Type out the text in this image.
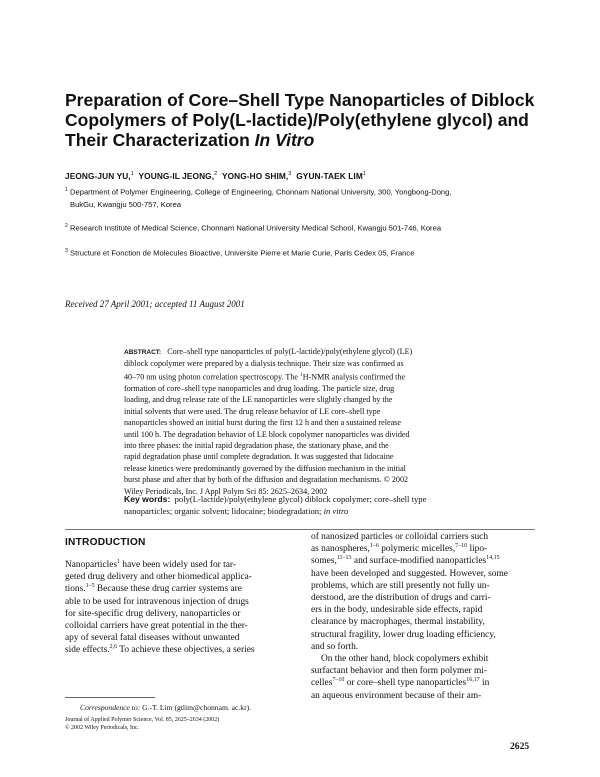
Preparation of Core–Shell Type Nanoparticles of Diblock
Copolymers of Poly(L-lactide)/Poly(ethylene glycol) and
Their Characterization In Vitro
JEONG-JUN YU,$^1$ YOUNG-IL JEONG,$^2$ YONG-HO SHIM,$^3$ GYUN-TAEK LIM$^1$
$^1$ Department of Polymer Engineering, College of Engineering, Chonnam National University, 300, Yongbong-Dong,
BukGu, Kwangju 500-757, Korea
$^2$ Research Institute of Medical Science, Chonnam National University Medical School, Kwangju 501-746, Korea
$^3$ Structure et Fonction de Molecules Bioactive, Universite Pierre et Marie Curie, Paris Cedex 05, France
Received 27 April 2001; accepted 11 August 2001
ABSTRACT: Core–shell type nanoparticles of poly(L-lactide)/poly(ethylene glycol) (LE)
diblock copolymer were prepared by a dialysis technique. Their size was confirmed as
40–70 nm using photon correlation spectroscopy. The $^1$H-NMR analysis confirmed the
formation of core–shell type nanoparticles and drug loading. The particle size, drug
loading, and drug release rate of the LE nanoparticles were slightly changed by the
initial solvents that were used. The drug release behavior of LE core–shell type
nanoparticles showed an initial burst during the first 12 h and then a sustained release
until 100 h. The degradation behavior of LE block copolymer nanoparticles was divided
into three phases: the initial rapid degradation phase, the stationary phase, and the
rapid degradation phase until complete degradation. It was suggested that lidocaine
release kinetics were predominantly governed by the diffusion mechanism in the initial
burst phase and after that by both of the diffusion and degradation mechanisms. © 2002
Wiley Periodicals, Inc. J Appl Polym Sci 85: 2625–2634, 2002
Key words: poly(L-lactide)/poly(ethylene glycol) diblock copolymer; core–shell type
nanoparticles; organic solvent; lidocaine; biodegradation; in vitro
INTRODUCTION
Nanoparticles$^1$ have been widely used for tar-
geted drug delivery and other biomedical applica-
tions.$^{1-5}$ Because these drug carrier systems are
able to be used for intravenous injection of drugs
for site-specific drug delivery, nanoparticles or
colloidal carriers have great potential in the ther-
apy of several fatal diseases without unwanted
side effects.$^{2,6}$ To achieve these objectives, a series
of nanosized particles or colloidal carriers such
as nanospheres,$^{1-6}$ polymeric micelles,$^{7-10}$ lipo-
somes,$^{11-13}$ and surface-modified nanoparticles$^{14,15}$
have been developed and suggested. However, some
problems, which are still presently not fully un-
derstood, are the distribution of drugs and carri-
ers in the body, undesirable side effects, rapid
clearance by macrophages, thermal instability,
structural fragility, lower drug loading efficiency,
and so forth.
On the other hand, block copolymers exhibit
surfactant behavior and then form polymer mi-
celles$^{7-10}$ or core–shell type nanoparticles$^{16,17}$ in
an aqueous environment because of their am-
Correspondence to: G.-T. Lim (gtlim@chonnam. ac.kr).
Journal of Applied Polymer Science, Vol. 85, 2625–2634 (2002)
© 2002 Wiley Periodicals, Inc.
2625
